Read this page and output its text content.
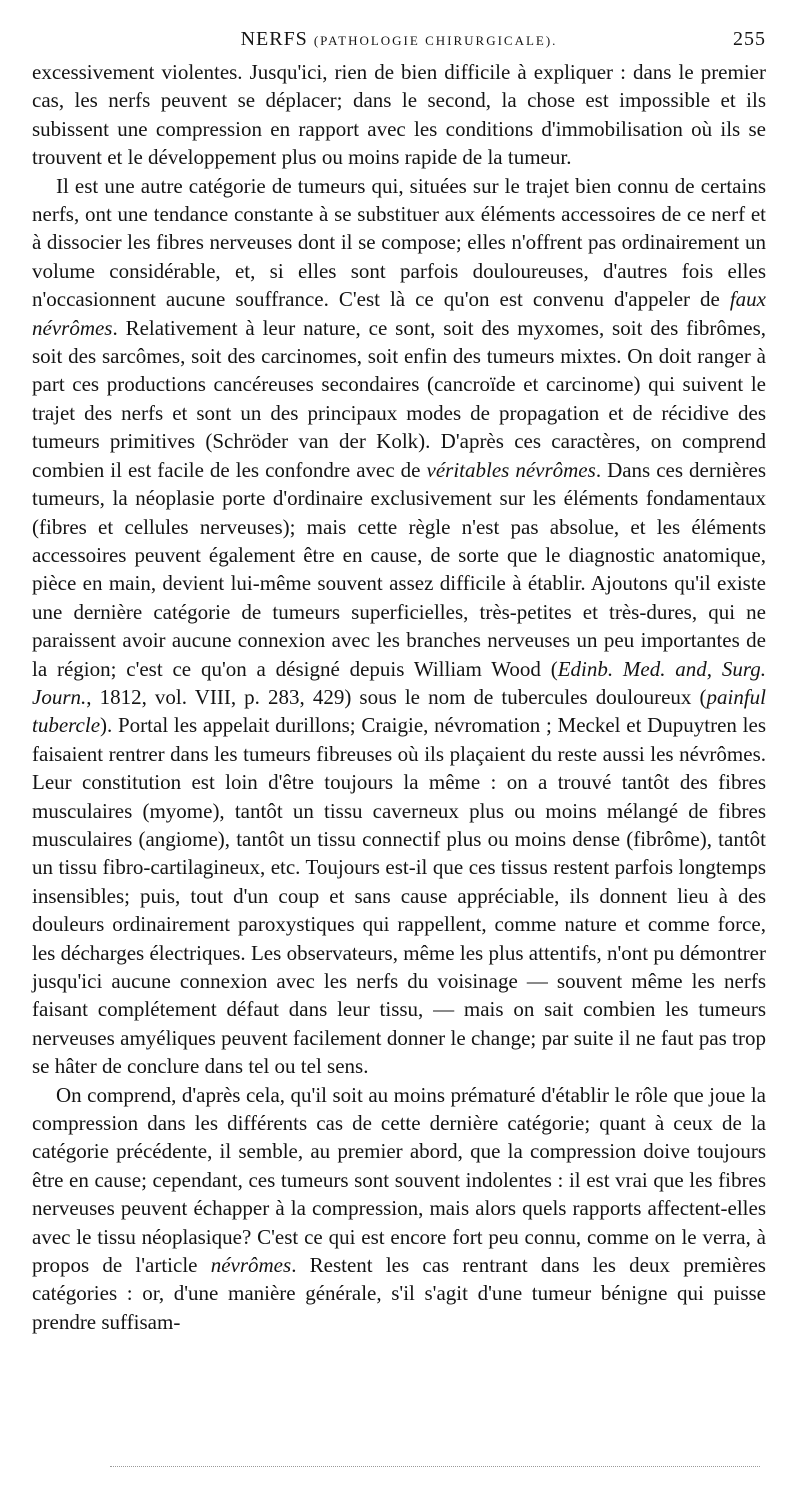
NERFS (PATHOLOGIE CHIRURGICALE).	255

excessivement violentes. Jusqu'ici, rien de bien difficile à expliquer : dans le premier cas, les nerfs peuvent se déplacer; dans le second, la chose est impossible et ils subissent une compression en rapport avec les conditions d'immobilisation où ils se trouvent et le développement plus ou moins rapide de la tumeur.

Il est une autre catégorie de tumeurs qui, situées sur le trajet bien connu de certains nerfs, ont une tendance constante à se substituer aux éléments accessoires de ce nerf et à dissocier les fibres nerveuses dont il se compose; elles n'offrent pas ordinairement un volume considérable, et, si elles sont parfois douloureuses, d'autres fois elles n'occasionnent aucune souffrance. C'est là ce qu'on est convenu d'appeler de faux névrômes. Relativement à leur nature, ce sont, soit des myxomes, soit des fibrômes, soit des sarcômes, soit des carcinomes, soit enfin des tumeurs mixtes. On doit ranger à part ces productions cancéreuses secondaires (cancroïde et carcinome) qui suivent le trajet des nerfs et sont un des principaux modes de propagation et de récidive des tumeurs primitives (Schröder van der Kolk). D'après ces caractères, on comprend combien il est facile de les confondre avec de véritables névrômes. Dans ces dernières tumeurs, la néoplasie porte d'ordinaire exclusivement sur les éléments fondamentaux (fibres et cellules nerveuses); mais cette règle n'est pas absolue, et les éléments accessoires peuvent également être en cause, de sorte que le diagnostic anatomique, pièce en main, devient lui-même souvent assez difficile à établir. Ajoutons qu'il existe une dernière catégorie de tumeurs superficielles, très-petites et très-dures, qui ne paraissent avoir aucune connexion avec les branches nerveuses un peu importantes de la région; c'est ce qu'on a désigné depuis William Wood (Edinb. Med. and, Surg. Journ., 1812, vol. VIII, p. 283, 429) sous le nom de tubercules douloureux (painful tubercle). Portal les appelait durillons; Craigie, névromation ; Meckel et Dupuytren les faisaient rentrer dans les tumeurs fibreuses où ils plaçaient du reste aussi les névrômes. Leur constitution est loin d'être toujours la même : on a trouvé tantôt des fibres musculaires (myome), tantôt un tissu caverneux plus ou moins mélangé de fibres musculaires (angiome), tantôt un tissu connectif plus ou moins dense (fibrôme), tantôt un tissu fibro-cartilagineux, etc. Toujours est-il que ces tissus restent parfois longtemps insensibles; puis, tout d'un coup et sans cause appréciable, ils donnent lieu à des douleurs ordinairement paroxystiques qui rappellent, comme nature et comme force, les décharges électriques. Les observateurs, même les plus attentifs, n'ont pu démontrer jusqu'ici aucune connexion avec les nerfs du voisinage — souvent même les nerfs faisant complétement défaut dans leur tissu, — mais on sait combien les tumeurs nerveuses amyéliques peuvent facilement donner le change; par suite il ne faut pas trop se hâter de conclure dans tel ou tel sens.

On comprend, d'après cela, qu'il soit au moins prématuré d'établir le rôle que joue la compression dans les différents cas de cette dernière catégorie; quant à ceux de la catégorie précédente, il semble, au premier abord, que la compression doive toujours être en cause; cependant, ces tumeurs sont souvent indolentes : il est vrai que les fibres nerveuses peuvent échapper à la compression, mais alors quels rapports affectent-elles avec le tissu néoplasique? C'est ce qui est encore fort peu connu, comme on le verra, à propos de l'article névrômes. Restent les cas rentrant dans les deux premières catégories : or, d'une manière générale, s'il s'agit d'une tumeur bénigne qui puisse prendre suffisam-
